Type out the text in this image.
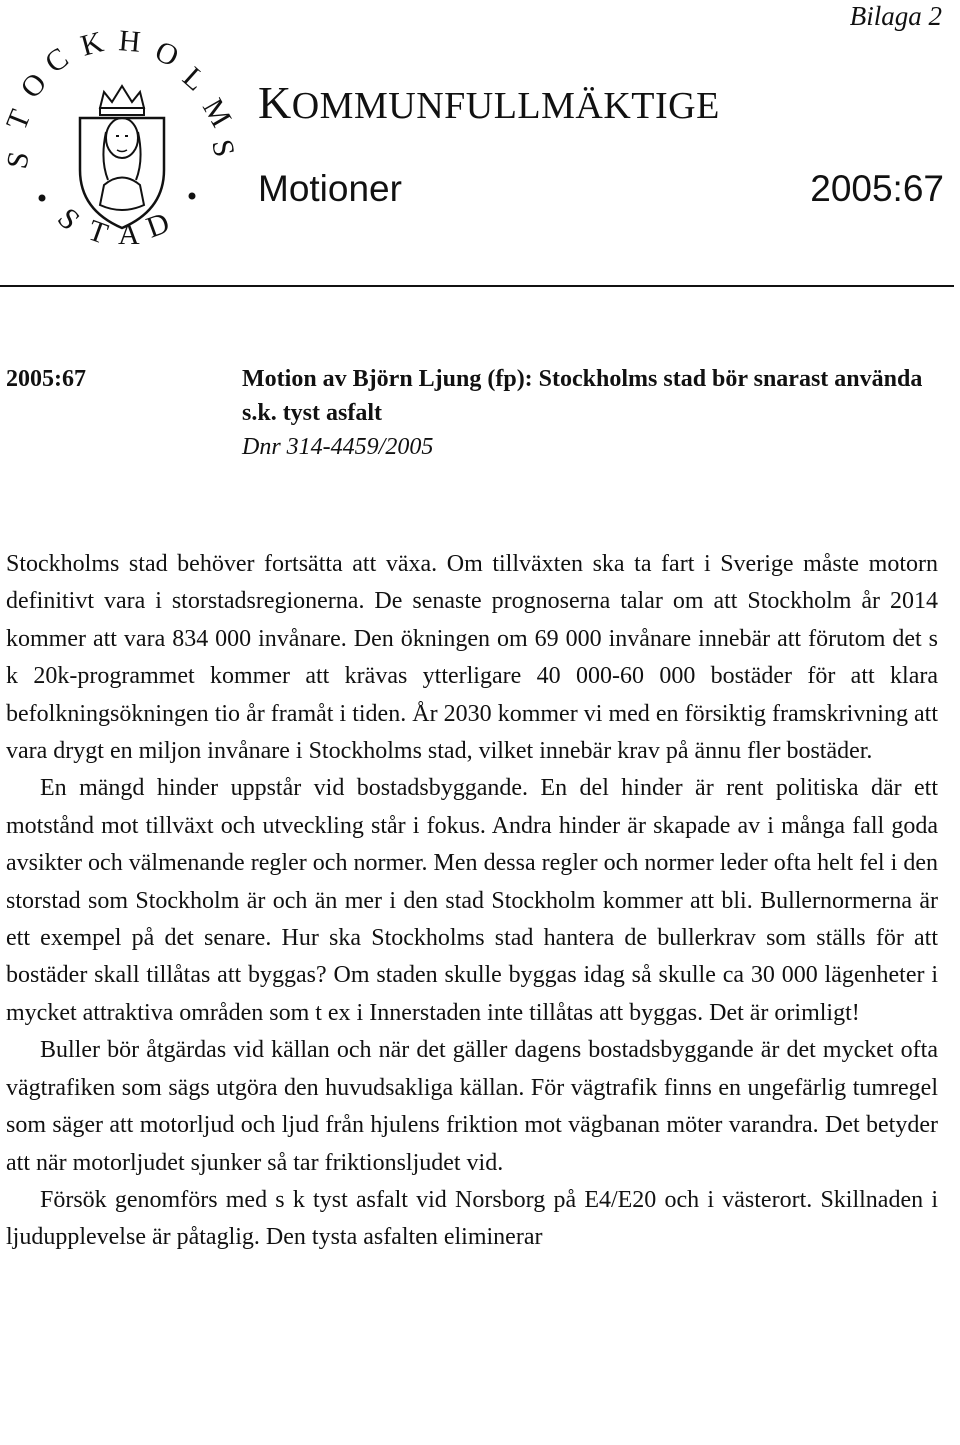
Bilaga 2
S
T
O
C K H O
L
M
S
S
T A D
KOMMUNFULLMÄKTIGE
Motioner	2005:67
2005:67	Motion av Björn Ljung (fp): Stockholms stad bör snarast använda s.k. tyst asfalt

Dnr 314-4459/2005

Stockholms stad behöver fortsätta att växa. Om tillväxten ska ta fart i Sverige måste motorn definitivt vara i storstadsregionerna. De senaste prognoserna talar om att Stockholm år 2014 kommer att vara 834 000 invånare. Den ökningen om 69 000 invånare innebär att förutom det s k 20k-programmet kommer att krävas ytterligare 40 000-60 000 bostäder för att klara befolkningsökningen tio år framåt i tiden. År 2030 kommer vi med en försiktig framskrivning att vara drygt en miljon invånare i Stockholms stad, vilket innebär krav på ännu fler bostäder.

En mängd hinder uppstår vid bostadsbyggande. En del hinder är rent politiska där ett motstånd mot tillväxt och utveckling står i fokus. Andra hinder är skapade av i många fall goda avsikter och välmenande regler och normer. Men dessa regler och normer leder ofta helt fel i den storstad som Stockholm är och än mer i den stad Stockholm kommer att bli. Bullernormerna är ett exempel på det senare. Hur ska Stockholms stad hantera de bullerkrav som ställs för att bostäder skall tillåtas att byggas? Om staden skulle byggas idag så skulle ca 30 000 lägenheter i mycket attraktiva områden som t ex i Innerstaden inte tillåtas att byggas. Det är orimligt!

Buller bör åtgärdas vid källan och när det gäller dagens bostadsbyggande är det mycket ofta vägtrafiken som sägs utgöra den huvudsakliga källan. För vägtrafik finns en ungefärlig tumregel som säger att motorljud och ljud från hjulens friktion mot vägbanan möter varandra. Det betyder att när motorljudet sjunker så tar friktionsljudet vid.

Försök genomförs med s k tyst asfalt vid Norsborg på E4/E20 och i västerort. Skillnaden i ljudupplevelse är påtaglig. Den tysta asfalten eliminerar
